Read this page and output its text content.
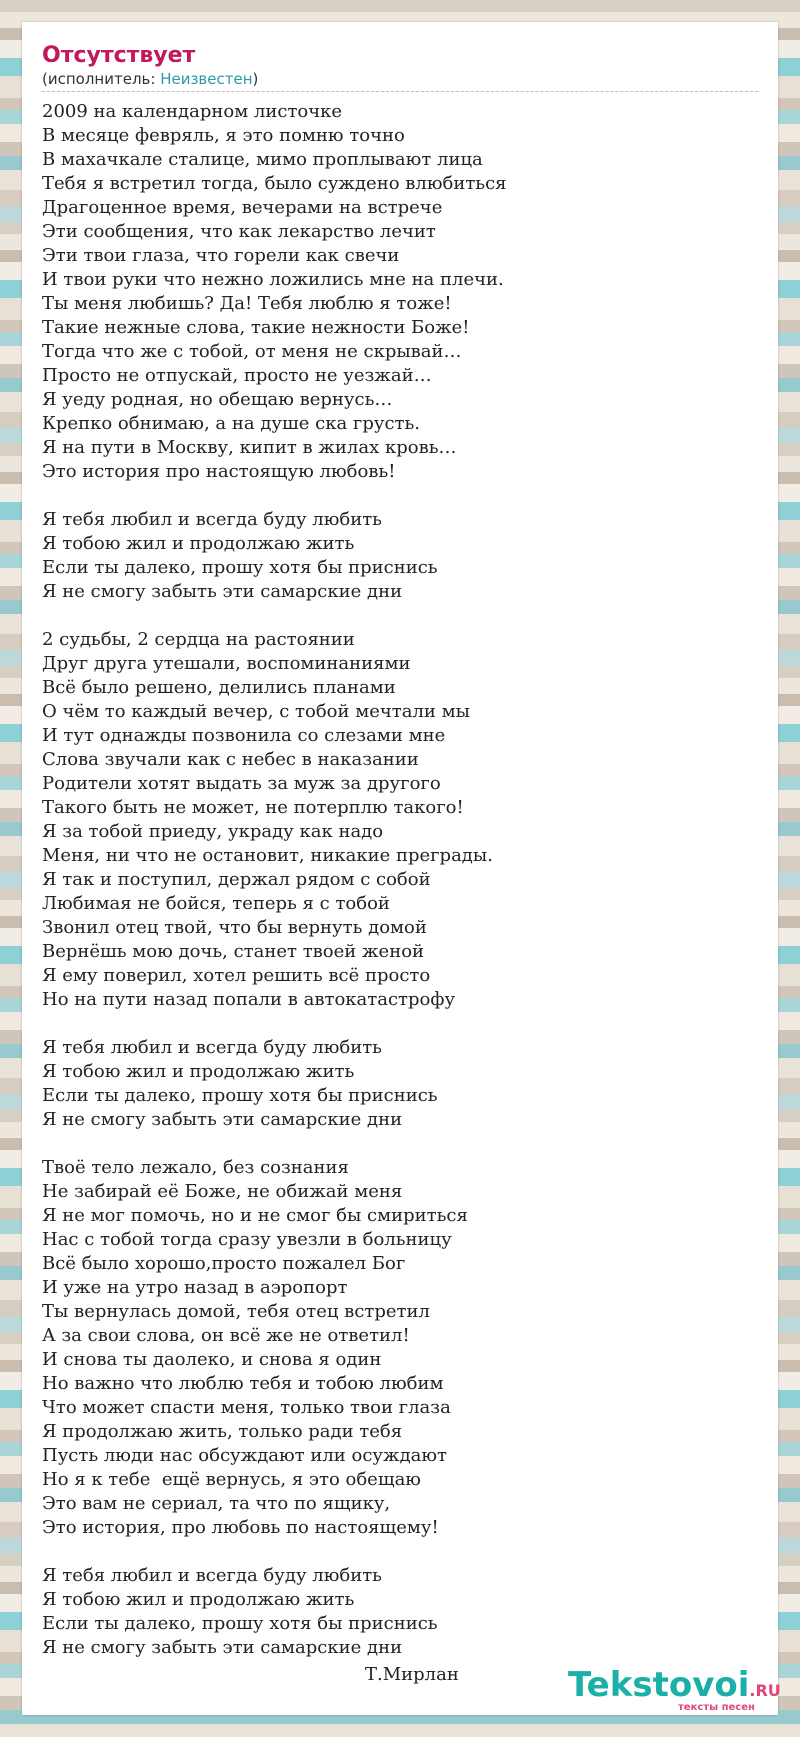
Отсутствует
(исполнитель: Неизвестен)
2009 на календарном листочке
В месяце февряль, я это помню точно
В махачкале сталице, мимо проплывают лица
Тебя я встретил тогда, было суждено влюбиться
Драгоценное время, вечерами на встрече
Эти сообщения, что как лекарство лечит
Эти твои глаза, что горели как свечи
И твои руки что нежно ложились мне на плечи.
Ты меня любишь? Да! Тебя люблю я тоже!
Такие нежные слова, такие нежности Боже!
Тогда что же с тобой, от меня не скрывай…
Просто не отпускай, просто не уезжай…
Я уеду родная, но обещаю вернусь…
Крепко обнимаю, а на душе ска грусть.
Я на пути в Москву, кипит в жилах кровь…
Это история про настоящую любовь!
Я тебя любил и всегда буду любить
Я тобою жил и продолжаю жить
Если ты далеко, прошу хотя бы приснись
Я не смогу забыть эти самарские дни
2 судьбы, 2 сердца на растоянии
Друг друга утешали, воспоминаниями
Всё было решено, делились планами
О чём то каждый вечер, с тобой мечтали мы
И тут однажды позвонила со слезами мне
Слова звучали как с небес в наказании
Родители хотят выдать за муж за другого
Такого быть не может, не потерплю такого!
Я за тобой приеду, украду как надо
Меня, ни что не остановит, никакие преграды.
Я так и поступил, держал рядом с собой
Любимая не бойся, теперь я с тобой
Звонил отец твой, что бы вернуть домой
Вернёшь мою дочь, станет твоей женой
Я ему поверил, хотел решить всё просто
Но на пути назад попали в автокатастрофу
Я тебя любил и всегда буду любить
Я тобою жил и продолжаю жить
Если ты далеко, прошу хотя бы приснись
Я не смогу забыть эти самарские дни
Твоё тело лежало, без сознания
Не забирай её Боже, не обижай меня
Я не мог помочь, но и не смог бы смириться
Нас с тобой тогда сразу увезли в больницу
Всё было хорошо,просто пожалел Бог
И уже на утро назад в аэропорт
Ты вернулась домой, тебя отец встретил
А за свои слова, он всё же не ответил!
И снова ты даолеко, и снова я один
Но важно что люблю тебя и тобою любим
Что может спасти меня, только твои глаза
Я продолжаю жить, только ради тебя
Пусть люди нас обсуждают или осуждают
Но я к тебе  ещё вернусь, я это обещаю
Это вам не сериал, та что по ящику,
Это история, про любовь по настоящему!
Я тебя любил и всегда буду любить
Я тобою жил и продолжаю жить
Если ты далеко, прошу хотя бы приснись
Я не смогу забыть эти самарские дни
Т.Мирлан	Tekstovoi.RU
тексты песен
